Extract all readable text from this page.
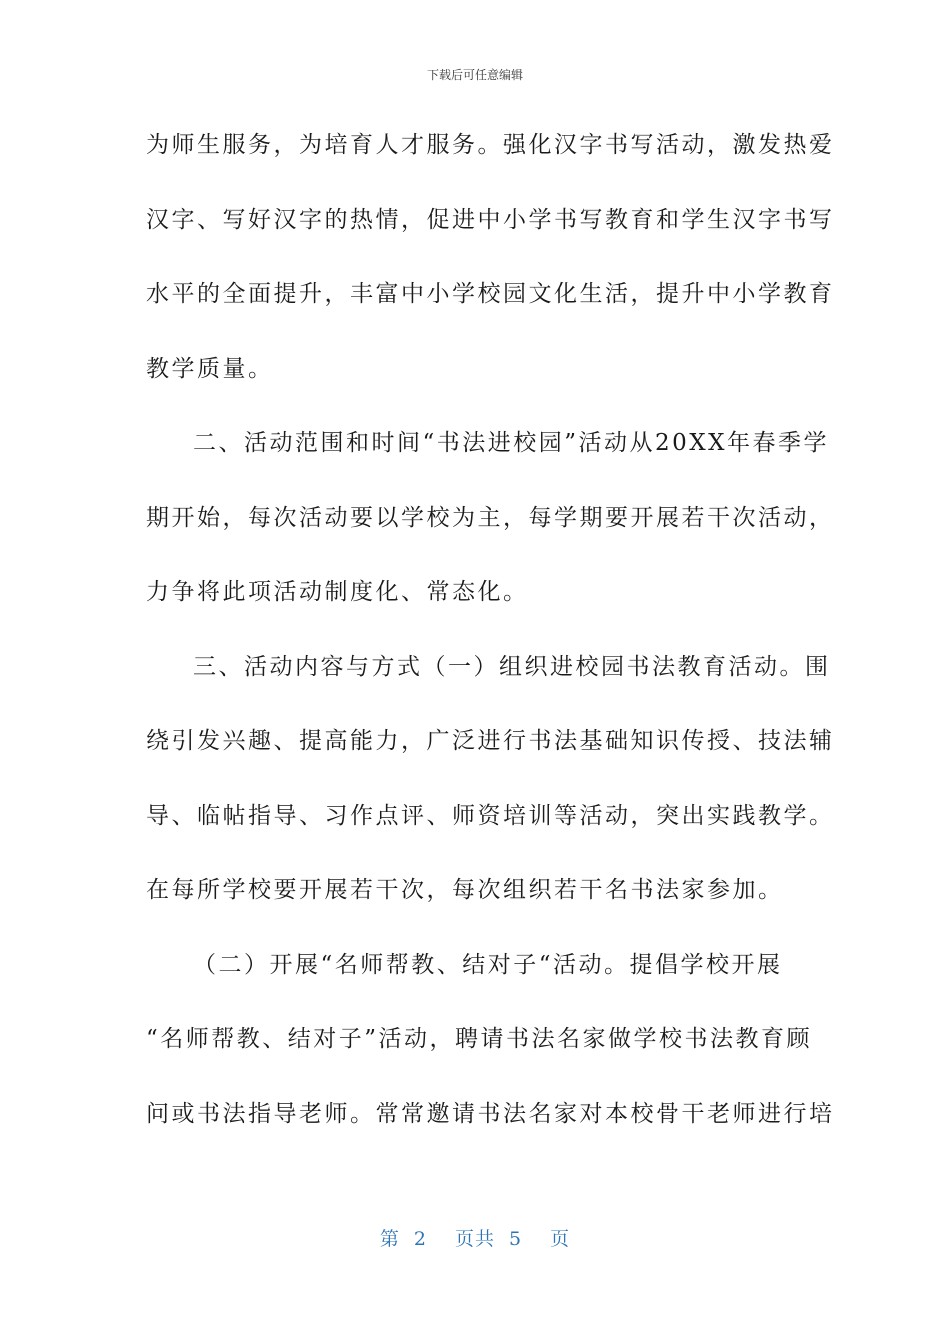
下载后可任意编辑
为师生服务，为培育人才服务。强化汉字书写活动，激发热爱
汉字、写好汉字的热情，促进中小学书写教育和学生汉字书写
水平的全面提升，丰富中小学校园文化生活，提升中小学教育
教学质量。
二、活动范围和时间“书法进校园”活动从20XX年春季学
期开始，每次活动要以学校为主，每学期要开展若干次活动，
力争将此项活动制度化、常态化。
三、活动内容与方式（一）组织进校园书法教育活动。围
绕引发兴趣、提高能力，广泛进行书法基础知识传授、技法辅
导、临帖指导、习作点评、师资培训等活动，突出实践教学。
在每所学校要开展若干次，每次组织若干名书法家参加。
（二）开展“名师帮教、结对子“活动。提倡学校开展
“名师帮教、结对子”活动，聘请书法名家做学校书法教育顾
问或书法指导老师。常常邀请书法名家对本校骨干老师进行培
第 2 页共 5 页
